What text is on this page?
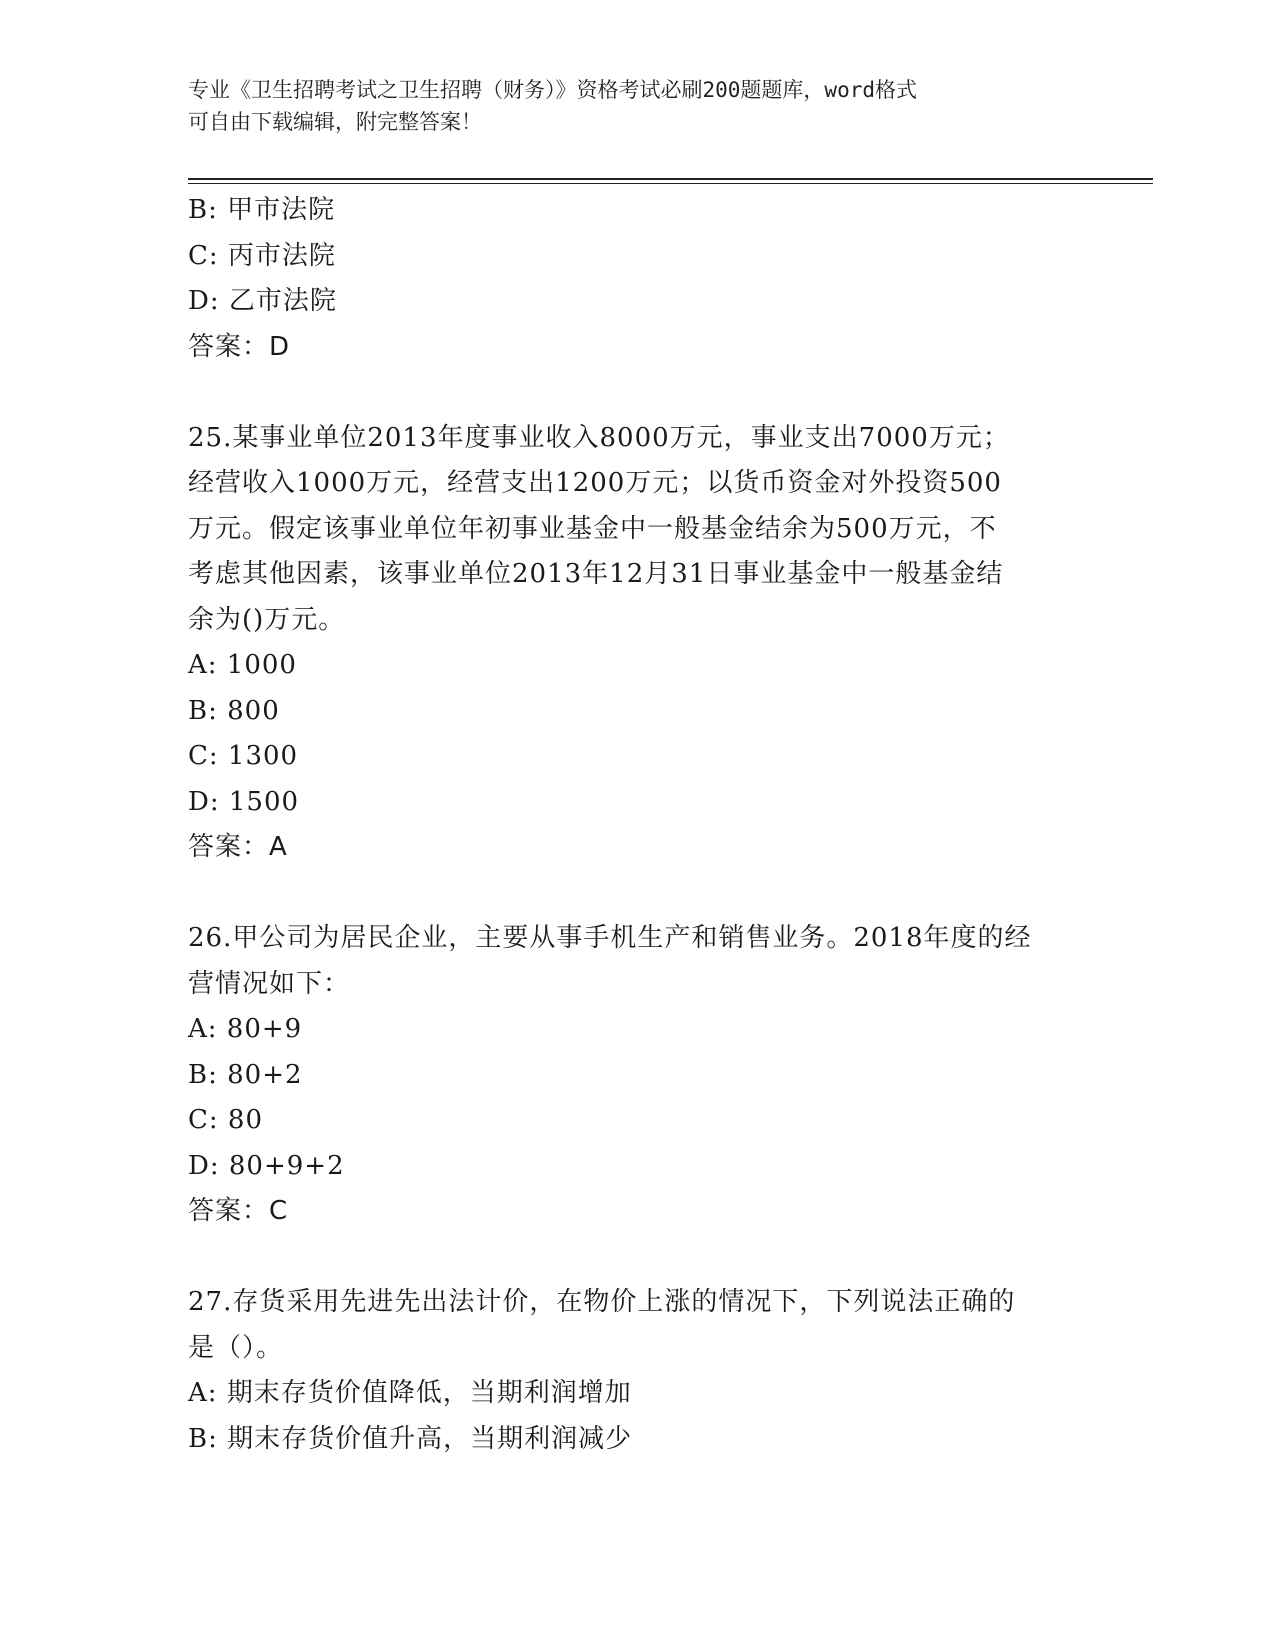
专业《卫生招聘考试之卫生招聘（财务）》资格考试必刷200题题库，word格式
可自由下载编辑，附完整答案！
B: 甲市法院
C: 丙市法院
D: 乙市法院
答案：D
25.某事业单位2013年度事业收入8000万元，事业支出7000万元；
经营收入1000万元，经营支出1200万元；以货币资金对外投资500
万元。假定该事业单位年初事业基金中一般基金结余为500万元，不
考虑其他因素，该事业单位2013年12月31日事业基金中一般基金结
余为()万元。
A: 1000
B: 800
C: 1300
D: 1500
答案：A
26.甲公司为居民企业，主要从事手机生产和销售业务。2018年度的经
营情况如下：
A: 80+9
B: 80+2
C: 80
D: 80+9+2
答案：C
27.存货采用先进先出法计价，在物价上涨的情况下，下列说法正确的
是（）。
A: 期末存货价值降低，当期利润增加
B: 期末存货价值升高，当期利润减少
